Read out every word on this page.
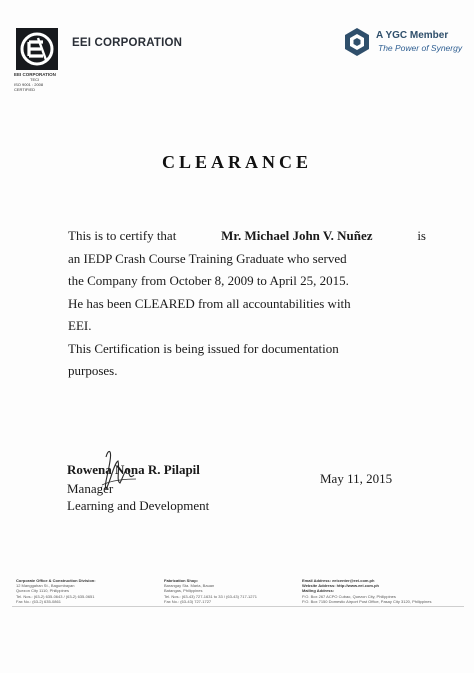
EEI CORPORATION
TECI
ISO 9001 : 2008 CERTIFIED
EEI CORPORATION
A YGC Member
The Power of Synergy
CLEARANCE
This is to certify that	Mr. Michael John V. Nuñez	is
an IEDP Crash Course Training Graduate who served
the Company from October 8, 2009 to April 25, 2015.
He has been CLEARED from all accountabilities with
EEI.
This Certification is being issued for documentation
purposes.
Rowena Nona R. Pilapil
Manager
Learning and Development
May 11, 2015
Corporate Office & Construction Division:
12 Manggahan St., Bagumbayan
Quezon City 1110, Philippines
Tel. Nos.: (63-2) 635-0643 / (63-2) 635-0651
Fax No.: (63-2) 635-0861
Fabrication Shop:
Barangay Sta. Maria, Bauan
Batangas, Philippines
Tel. Nos.: (63-43) 727-1631 to 33 / (63-43) 717-1271
Fax No.: (63-43) 727-1727
Email Address: eeicenter@eei.com.ph
Website Address: http://www.eei.com.ph
Mailing Address:
P.O. Box 267 ACPO Cubao, Quezon City, Philippines
P.O. Box 7150 Domestic Airport Post Office, Pasay City 3120, Philippines
